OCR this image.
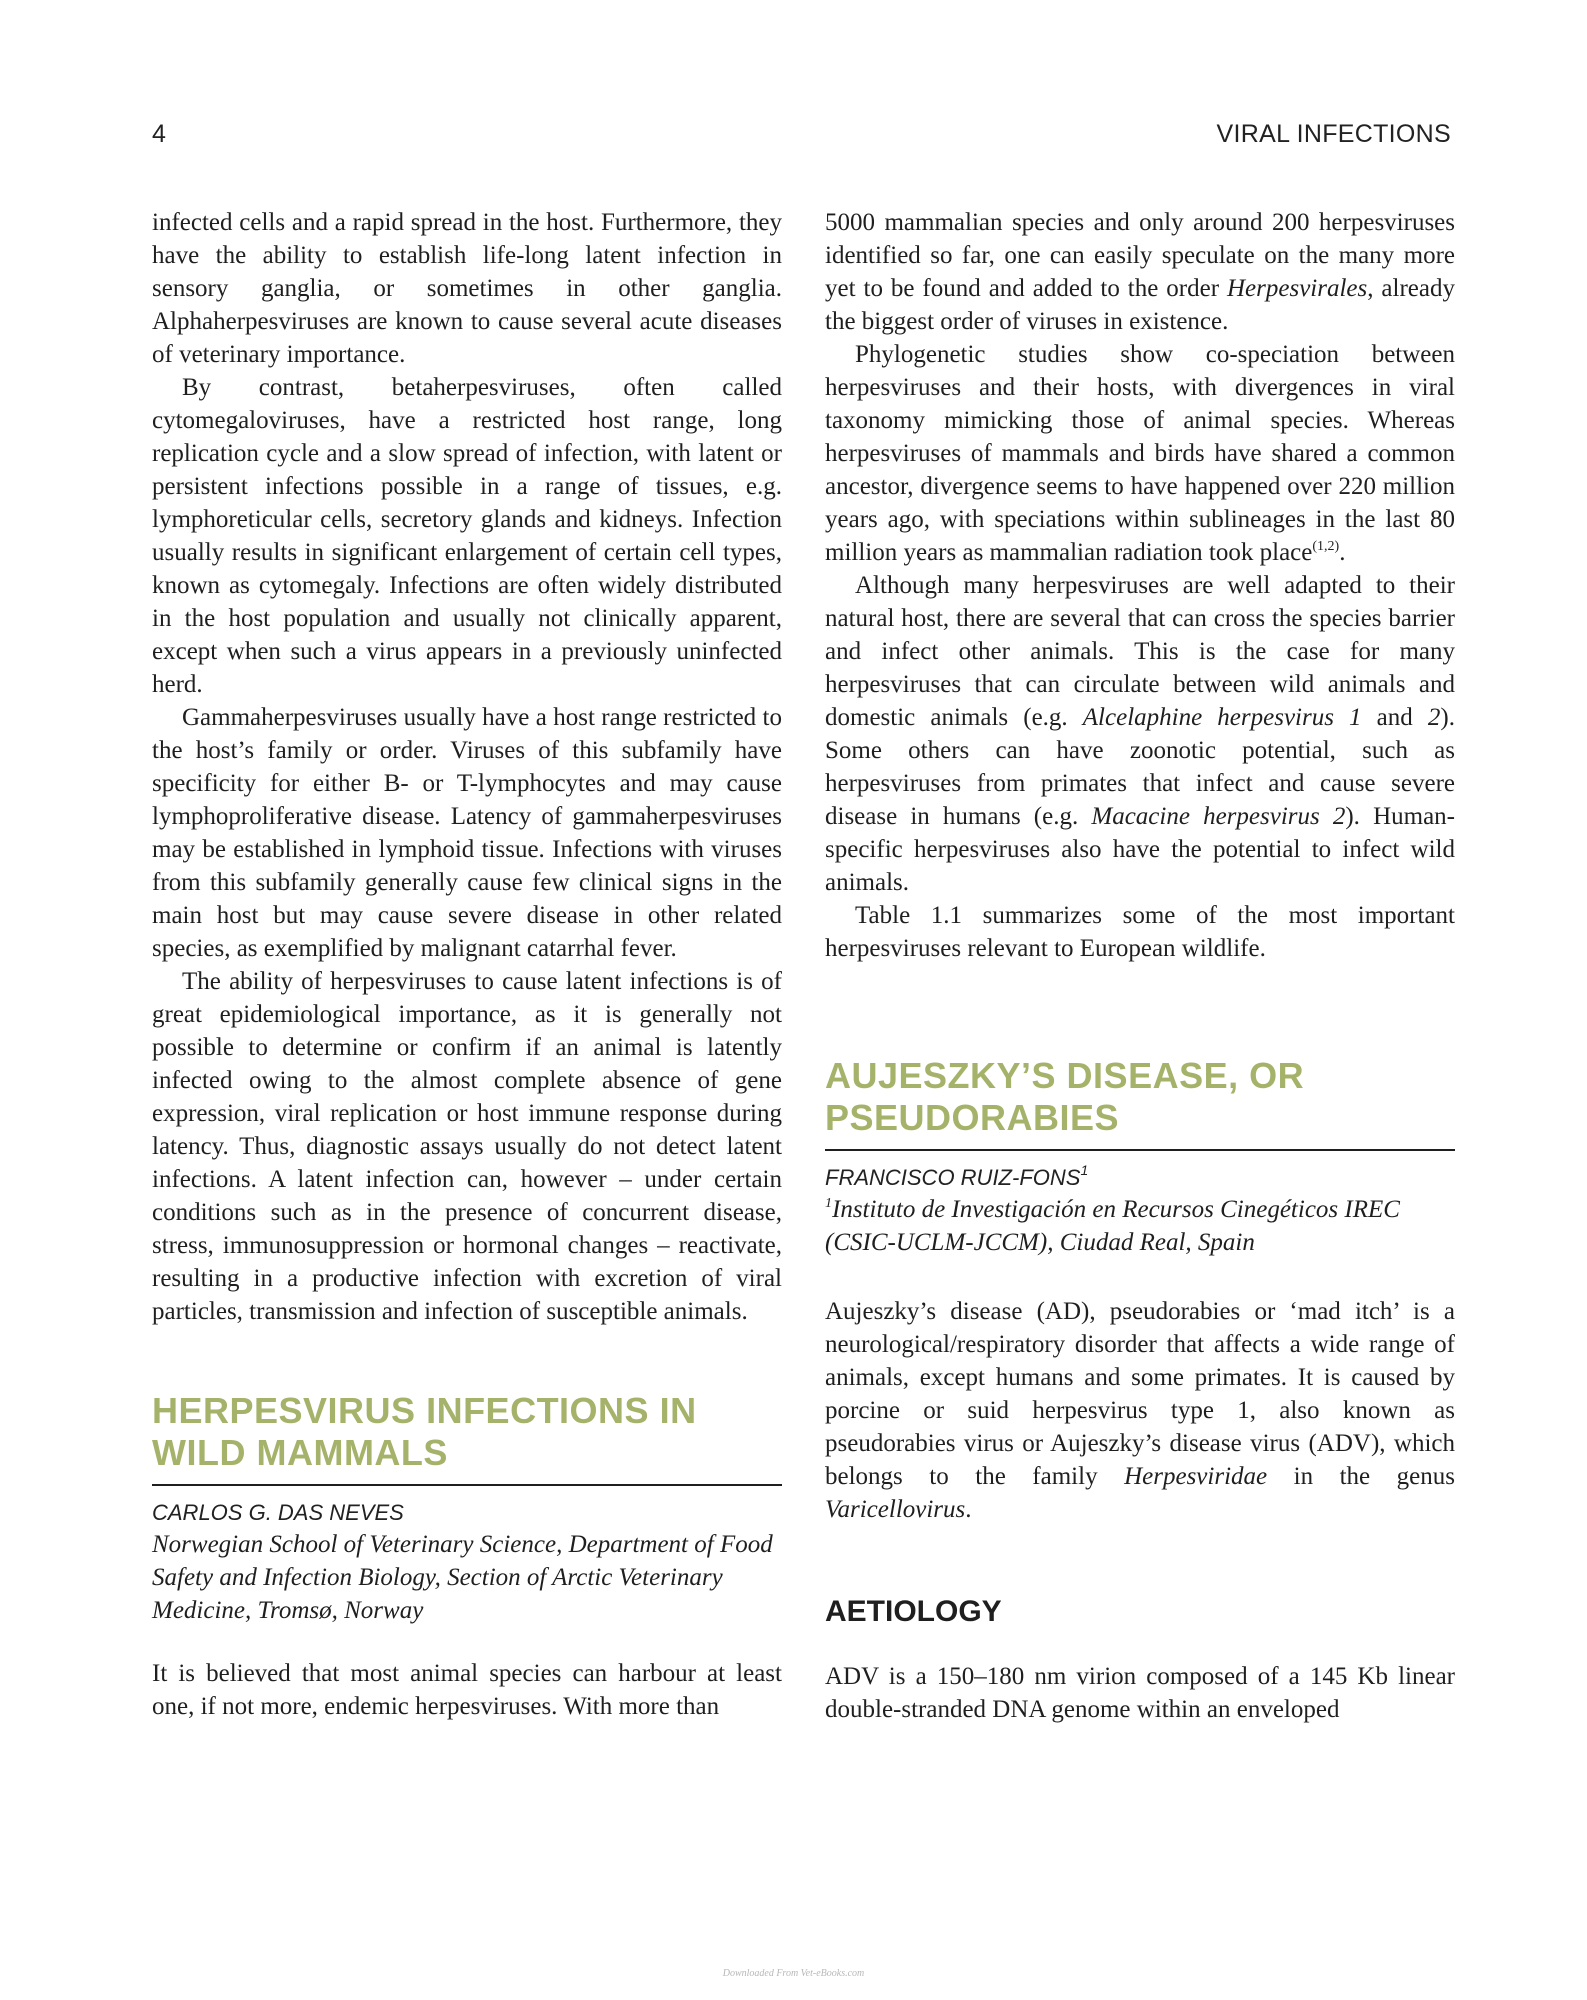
4	VIRAL INFECTIONS

infected cells and a rapid spread in the host. Furthermore, they have the ability to establish life-long latent infection in sensory ganglia, or sometimes in other ganglia. Alphaherpesviruses are known to cause several acute diseases of veterinary importance.

By contrast, betaherpesviruses, often called cytomegaloviruses, have a restricted host range, long replication cycle and a slow spread of infection, with latent or persistent infections possible in a range of tissues, e.g. lymphoreticular cells, secretory glands and kidneys. Infection usually results in significant enlargement of certain cell types, known as cytomegaly. Infections are often widely distributed in the host population and usually not clinically apparent, except when such a virus appears in a previously uninfected herd.

Gammaherpesviruses usually have a host range restricted to the host’s family or order. Viruses of this subfamily have specificity for either B- or T-lymphocytes and may cause lymphoproliferative disease. Latency of gammaherpesviruses may be established in lymphoid tissue. Infections with viruses from this subfamily generally cause few clinical signs in the main host but may cause severe disease in other related species, as exemplified by malignant catarrhal fever.

The ability of herpesviruses to cause latent infections is of great epidemiological importance, as it is generally not possible to determine or confirm if an animal is latently infected owing to the almost complete absence of gene expression, viral replication or host immune response during latency. Thus, diagnostic assays usually do not detect latent infections. A latent infection can, however – under certain conditions such as in the presence of concurrent disease, stress, immunosuppression or hormonal changes – reactivate, resulting in a productive infection with excretion of viral particles, transmission and infection of susceptible animals.

HERPESVIRUS INFECTIONS IN
WILD MAMMALS
CARLOS G. DAS NEVES

Norwegian School of Veterinary Science, Department of Food Safety and Infection Biology, Section of Arctic Veterinary Medicine, Tromsø, Norway

It is believed that most animal species can harbour at least one, if not more, endemic herpesviruses. With more than

5000 mammalian species and only around 200 herpesviruses identified so far, one can easily speculate on the many more yet to be found and added to the order Herpesvirales, already the biggest order of viruses in existence.

Phylogenetic studies show co-speciation between herpesviruses and their hosts, with divergences in viral taxonomy mimicking those of animal species. Whereas herpesviruses of mammals and birds have shared a common ancestor, divergence seems to have happened over 220 million years ago, with speciations within sublineages in the last 80 million years as mammalian radiation took place$^{(1,2)}$.

Although many herpesviruses are well adapted to their natural host, there are several that can cross the species barrier and infect other animals. This is the case for many herpesviruses that can circulate between wild animals and domestic animals (e.g. Alcelaphine herpesvirus 1 and 2). Some others can have zoonotic potential, such as herpesviruses from primates that infect and cause severe disease in humans (e.g. Macacine herpesvirus 2). Human-specific herpesviruses also have the potential to infect wild animals.

Table 1.1 summarizes some of the most important herpesviruses relevant to European wildlife.

AUJESZKY’S DISEASE, OR
PSEUDORABIES
FRANCISCO RUIZ-FONS$^1$

$^1$Instituto de Investigación en Recursos Cinegéticos IREC (CSIC-UCLM-JCCM), Ciudad Real, Spain

Aujeszky’s disease (AD), pseudorabies or ‘mad itch’ is a neurological/respiratory disorder that affects a wide range of animals, except humans and some primates. It is caused by porcine or suid herpesvirus type 1, also known as pseudorabies virus or Aujeszky’s disease virus (ADV), which belongs to the family Herpesviridae in the genus Varicellovirus.

AETIOLOGY

ADV is a 150–180 nm virion composed of a 145 Kb linear double-stranded DNA genome within an enveloped

Downloaded From Vet-eBooks.com
